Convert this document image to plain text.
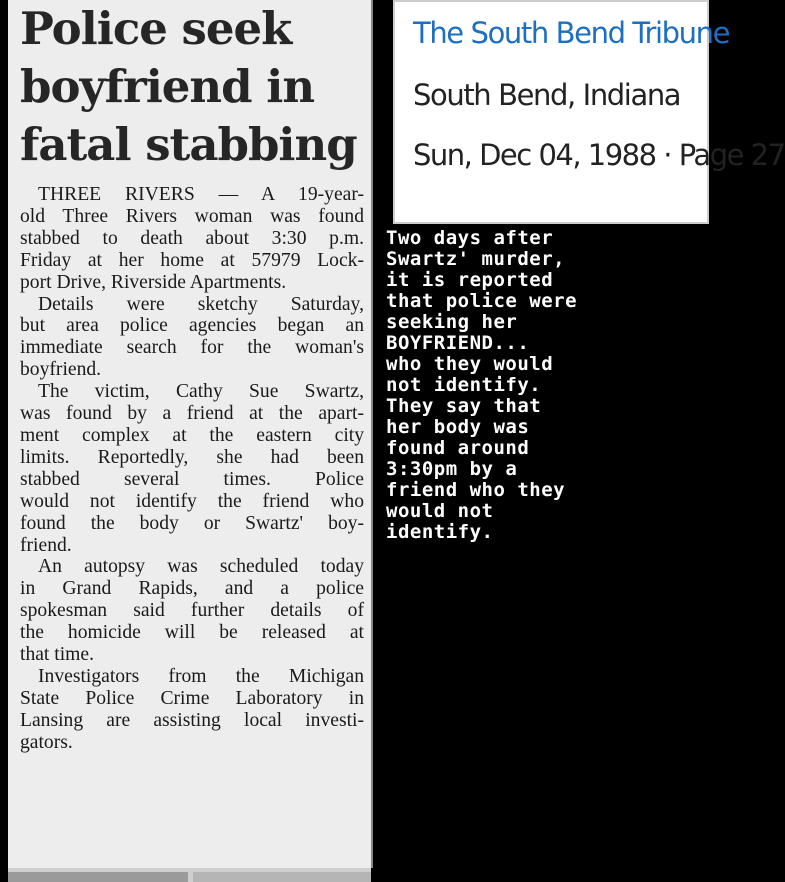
Police seek
boyfriend in
fatal stabbing
THREE RIVERS — A 19-year-
old Three Rivers woman was found
stabbed to death about 3:30 p.m.
Friday at her home at 57979 Lock-
port Drive, Riverside Apartments.
Details were sketchy Saturday,
but area police agencies began an
immediate search for the woman's
boyfriend.
The victim, Cathy Sue Swartz,
was found by a friend at the apart-
ment complex at the eastern city
limits. Reportedly, she had been
stabbed several times. Police
would not identify the friend who
found the body or Swartz' boy-
friend.
An autopsy was scheduled today
in Grand Rapids, and a police
spokesman said further details of
the homicide will be released at
that time.
Investigators from the Michigan
State Police Crime Laboratory in
Lansing are assisting local investi-
gators.
The South Bend Tribune
South Bend, Indiana
Sun, Dec 04, 1988 · Page 27
Two days after
Swartz' murder,
it is reported
that police were
seeking her
BOYFRIEND...
who they would
not identify.
They say that
her body was
found around
3:30pm by a
friend who they
would not
identify.
